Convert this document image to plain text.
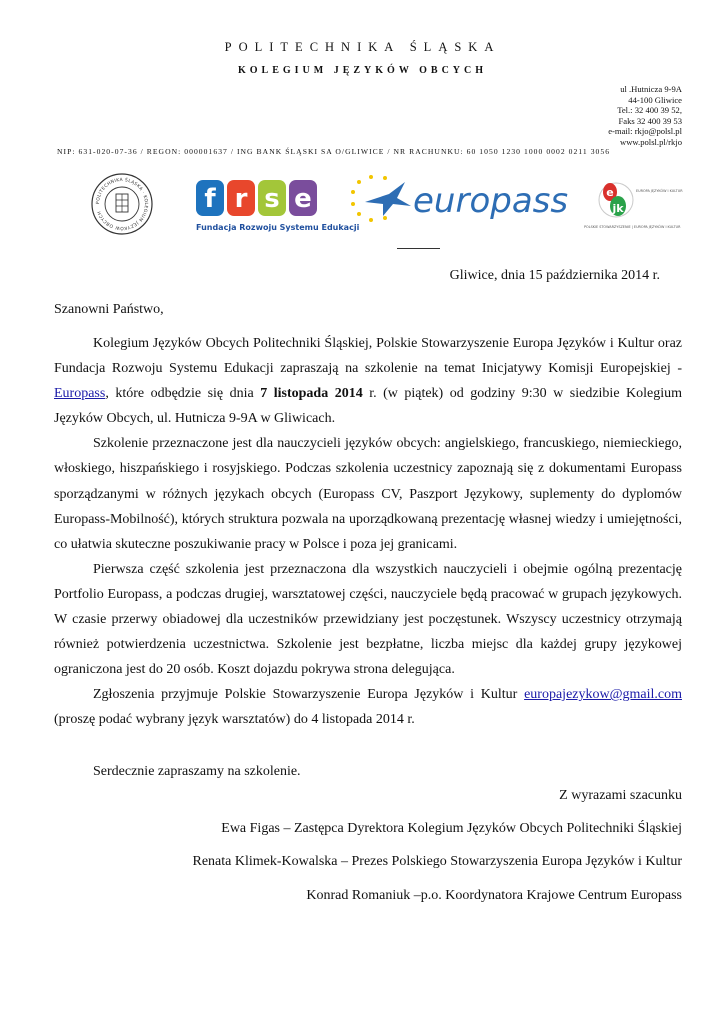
POLITECHNIKA ŚLĄSKA
KOLEGIUM JĘZYKÓW OBCYCH
ul .Hutnicza 9-9A
44-100 Gliwice
Tel.: 32 400 39 52,
Faks 32 400 39 53
e-mail: rkjo@polsl.pl
www.polsl.pl/rkjo
NIP: 631-020-07-36 / REGON: 000001637 / ING BANK ŚLĄSKI SA O/GLIWICE / NR RACHUNKU: 60 1050 1230 1000 0002 0211 3056
POLITECHNIKA ŚLĄSKA · KOLEGIUM JĘZYKÓW OBCYCH	f r s e
Fundacja Rozwoju Systemu Edukacji
europass	e
jk
EUROPA JĘZYKÓW I KULTUR
POLSKIE STOWARZYSZENIE | EUROPA JĘZYKÓW I KULTUR
Gliwice, dnia 15 października 2014 r.
Szanowni Państwo,

Kolegium Języków Obcych Politechniki Śląskiej, Polskie Stowarzyszenie Europa Języków i Kultur oraz Fundacja Rozwoju Systemu Edukacji zapraszają na szkolenie na temat Inicjatywy Komisji Europejskiej - Europass, które odbędzie się dnia 7 listopada 2014 r. (w piątek) od godziny 9:30 w siedzibie Kolegium Języków Obcych, ul. Hutnicza 9-9A w Gliwicach.

Szkolenie przeznaczone jest dla nauczycieli języków obcych: angielskiego, francuskiego, niemieckiego, włoskiego, hiszpańskiego i rosyjskiego. Podczas szkolenia uczestnicy zapoznają się z dokumentami Europass sporządzanymi w różnych językach obcych (Europass CV, Paszport Językowy, suplementy do dyplomów Europass-Mobilność), których struktura pozwala na uporządkowaną prezentację własnej wiedzy i umiejętności, co ułatwia skuteczne poszukiwanie pracy w Polsce i poza jej granicami.

Pierwsza część szkolenia jest przeznaczona dla wszystkich nauczycieli i obejmie ogólną prezentację Portfolio Europass, a podczas drugiej, warsztatowej części, nauczyciele będą pracować w grupach językowych. W czasie przerwy obiadowej dla uczestników przewidziany jest poczęstunek. Wszyscy uczestnicy otrzymają również potwierdzenia uczestnictwa. Szkolenie jest bezpłatne, liczba miejsc dla każdej grupy językowej ograniczona jest do 20 osób. Koszt dojazdu pokrywa strona delegująca.

Zgłoszenia przyjmuje Polskie Stowarzyszenie Europa Języków i Kultur europajezykow@gmail.com (proszę podać wybrany język warsztatów) do 4 listopada 2014 r.

Serdecznie zapraszamy na szkolenie.

Z wyrazami szacunku
Ewa Figas – Zastępca Dyrektora Kolegium Języków Obcych Politechniki Śląskiej
Renata Klimek-Kowalska – Prezes Polskiego Stowarzyszenia Europa Języków i Kultur
Konrad Romaniuk –p.o. Koordynatora Krajowe Centrum Europass
